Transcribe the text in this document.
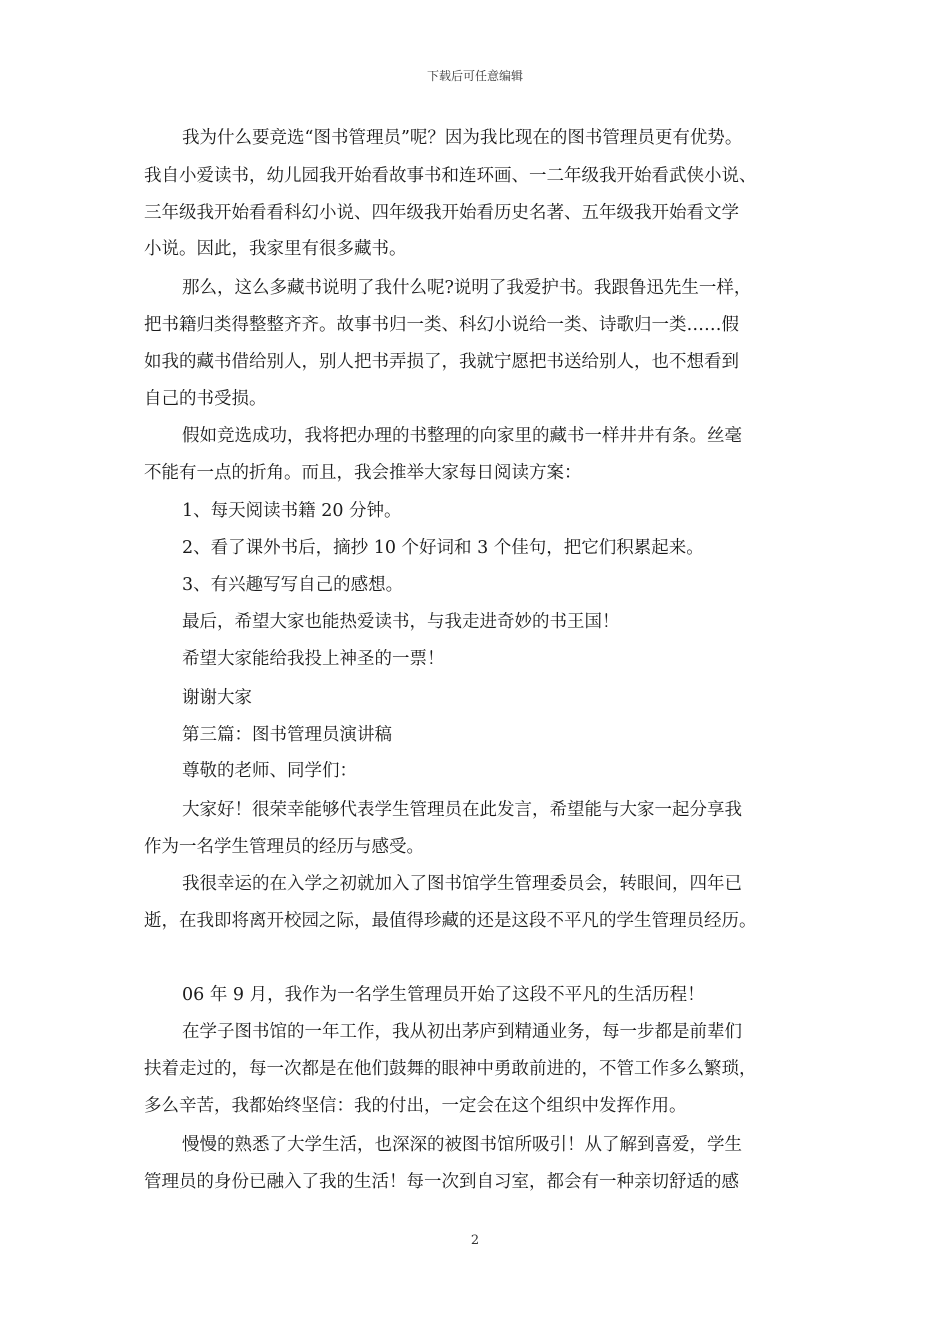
下载后可任意编辑
我为什么要竞选“图书管理员”呢？因为我比现在的图书管理员更有优势。
我自小爱读书，幼儿园我开始看故事书和连环画、一二年级我开始看武侠小说、
三年级我开始看看科幻小说、四年级我开始看历史名著、五年级我开始看文学
小说。因此，我家里有很多藏书。
那么，这么多藏书说明了我什么呢?说明了我爱护书。我跟鲁迅先生一样，
把书籍归类得整整齐齐。故事书归一类、科幻小说给一类、诗歌归一类……假
如我的藏书借给别人，别人把书弄损了，我就宁愿把书送给别人，也不想看到
自己的书受损。
假如竞选成功，我将把办理的书整理的向家里的藏书一样井井有条。丝毫
不能有一点的折角。而且，我会推举大家每日阅读方案：
1、每天阅读书籍 20 分钟。
2、看了课外书后，摘抄 10 个好词和 3 个佳句，把它们积累起来。
3、有兴趣写写自己的感想。
最后，希望大家也能热爱读书，与我走进奇妙的书王国！
希望大家能给我投上神圣的一票！
谢谢大家
第三篇：图书管理员演讲稿
尊敬的老师、同学们：
大家好！很荣幸能够代表学生管理员在此发言，希望能与大家一起分享我
作为一名学生管理员的经历与感受。
我很幸运的在入学之初就加入了图书馆学生管理委员会，转眼间，四年已
逝，在我即将离开校园之际，最值得珍藏的还是这段不平凡的学生管理员经历。
06 年 9 月，我作为一名学生管理员开始了这段不平凡的生活历程！
在学子图书馆的一年工作，我从初出茅庐到精通业务，每一步都是前辈们
扶着走过的，每一次都是在他们鼓舞的眼神中勇敢前进的，不管工作多么繁琐，
多么辛苦，我都始终坚信：我的付出，一定会在这个组织中发挥作用。
慢慢的熟悉了大学生活，也深深的被图书馆所吸引！从了解到喜爱，学生
管理员的身份已融入了我的生活！每一次到自习室，都会有一种亲切舒适的感
2
